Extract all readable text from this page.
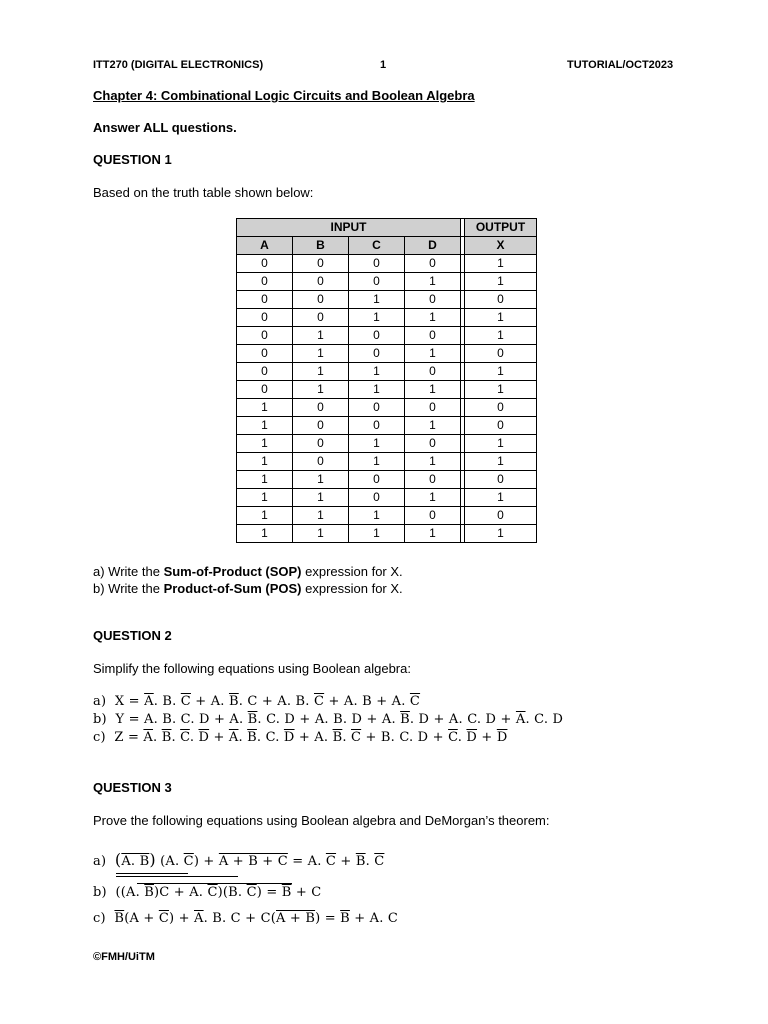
ITT270 (DIGITAL ELECTRONICS)	1	TUTORIAL/OCT2023
Chapter 4: Combinational Logic Circuits and Boolean Algebra
Answer ALL questions.
QUESTION 1
Based on the truth table shown below:
INPUT					OUTPUT
A	B	C	D		X
0	0	0	0		1
0	0	0	1		1
0	0	1	0		0
0	0	1	1		1
0	1	0	0		1
0	1	0	1		0
0	1	1	0		1
0	1	1	1		1
1	0	0	0		0
1	0	0	1		0
1	0	1	0		1
1	0	1	1		1
1	1	0	0		0
1	1	0	1		1
1	1	1	0		0
1	1	1	1		1
a) Write the Sum-of-Product (SOP) expression for X.
b) Write the Product-of-Sum (POS) expression for X.
QUESTION 2
Simplify the following equations using Boolean algebra:
a)  $X = \overline{A}$. B. $\overline{C} + A$. $\overline{B}$. C + A. B. $\overline{C} + A$. B + A. $\overline{C}$
b)  Y = A. B. C. D + A. $\overline{B}$. C. D + A. B. D + A. $\overline{B}$. D + A. C. $D + \overline{A}$. C. D
c)  $Z = \overline{A}$. $\overline{B}$. $\overline{C}$. $\overline{D} + \overline{A}$. $\overline{B}$. C. $\overline{D} + A$. $\overline{B}$. $\overline{C} + B$. C. $D + \overline{C}$. $\overline{D} + \overline{D}$
QUESTION 3
Prove the following equations using Boolean algebra and DeMorgan’s theorem:
a)  (A. B) (A. $\overline{C}) + A + B + C = A$. $\overline{C} + \overline{B}$. $\overline{C}$
b)  ((A. $\overline{B})C + A$. $\overline{C})(B$. $\overline{C}) = \overline{B} + C$
c)  $\overline{B}(A + \overline{C}) + \overline{A}$. B. $C + C(A + B) = \overline{B} + A$. C
©FMH/UiTM
